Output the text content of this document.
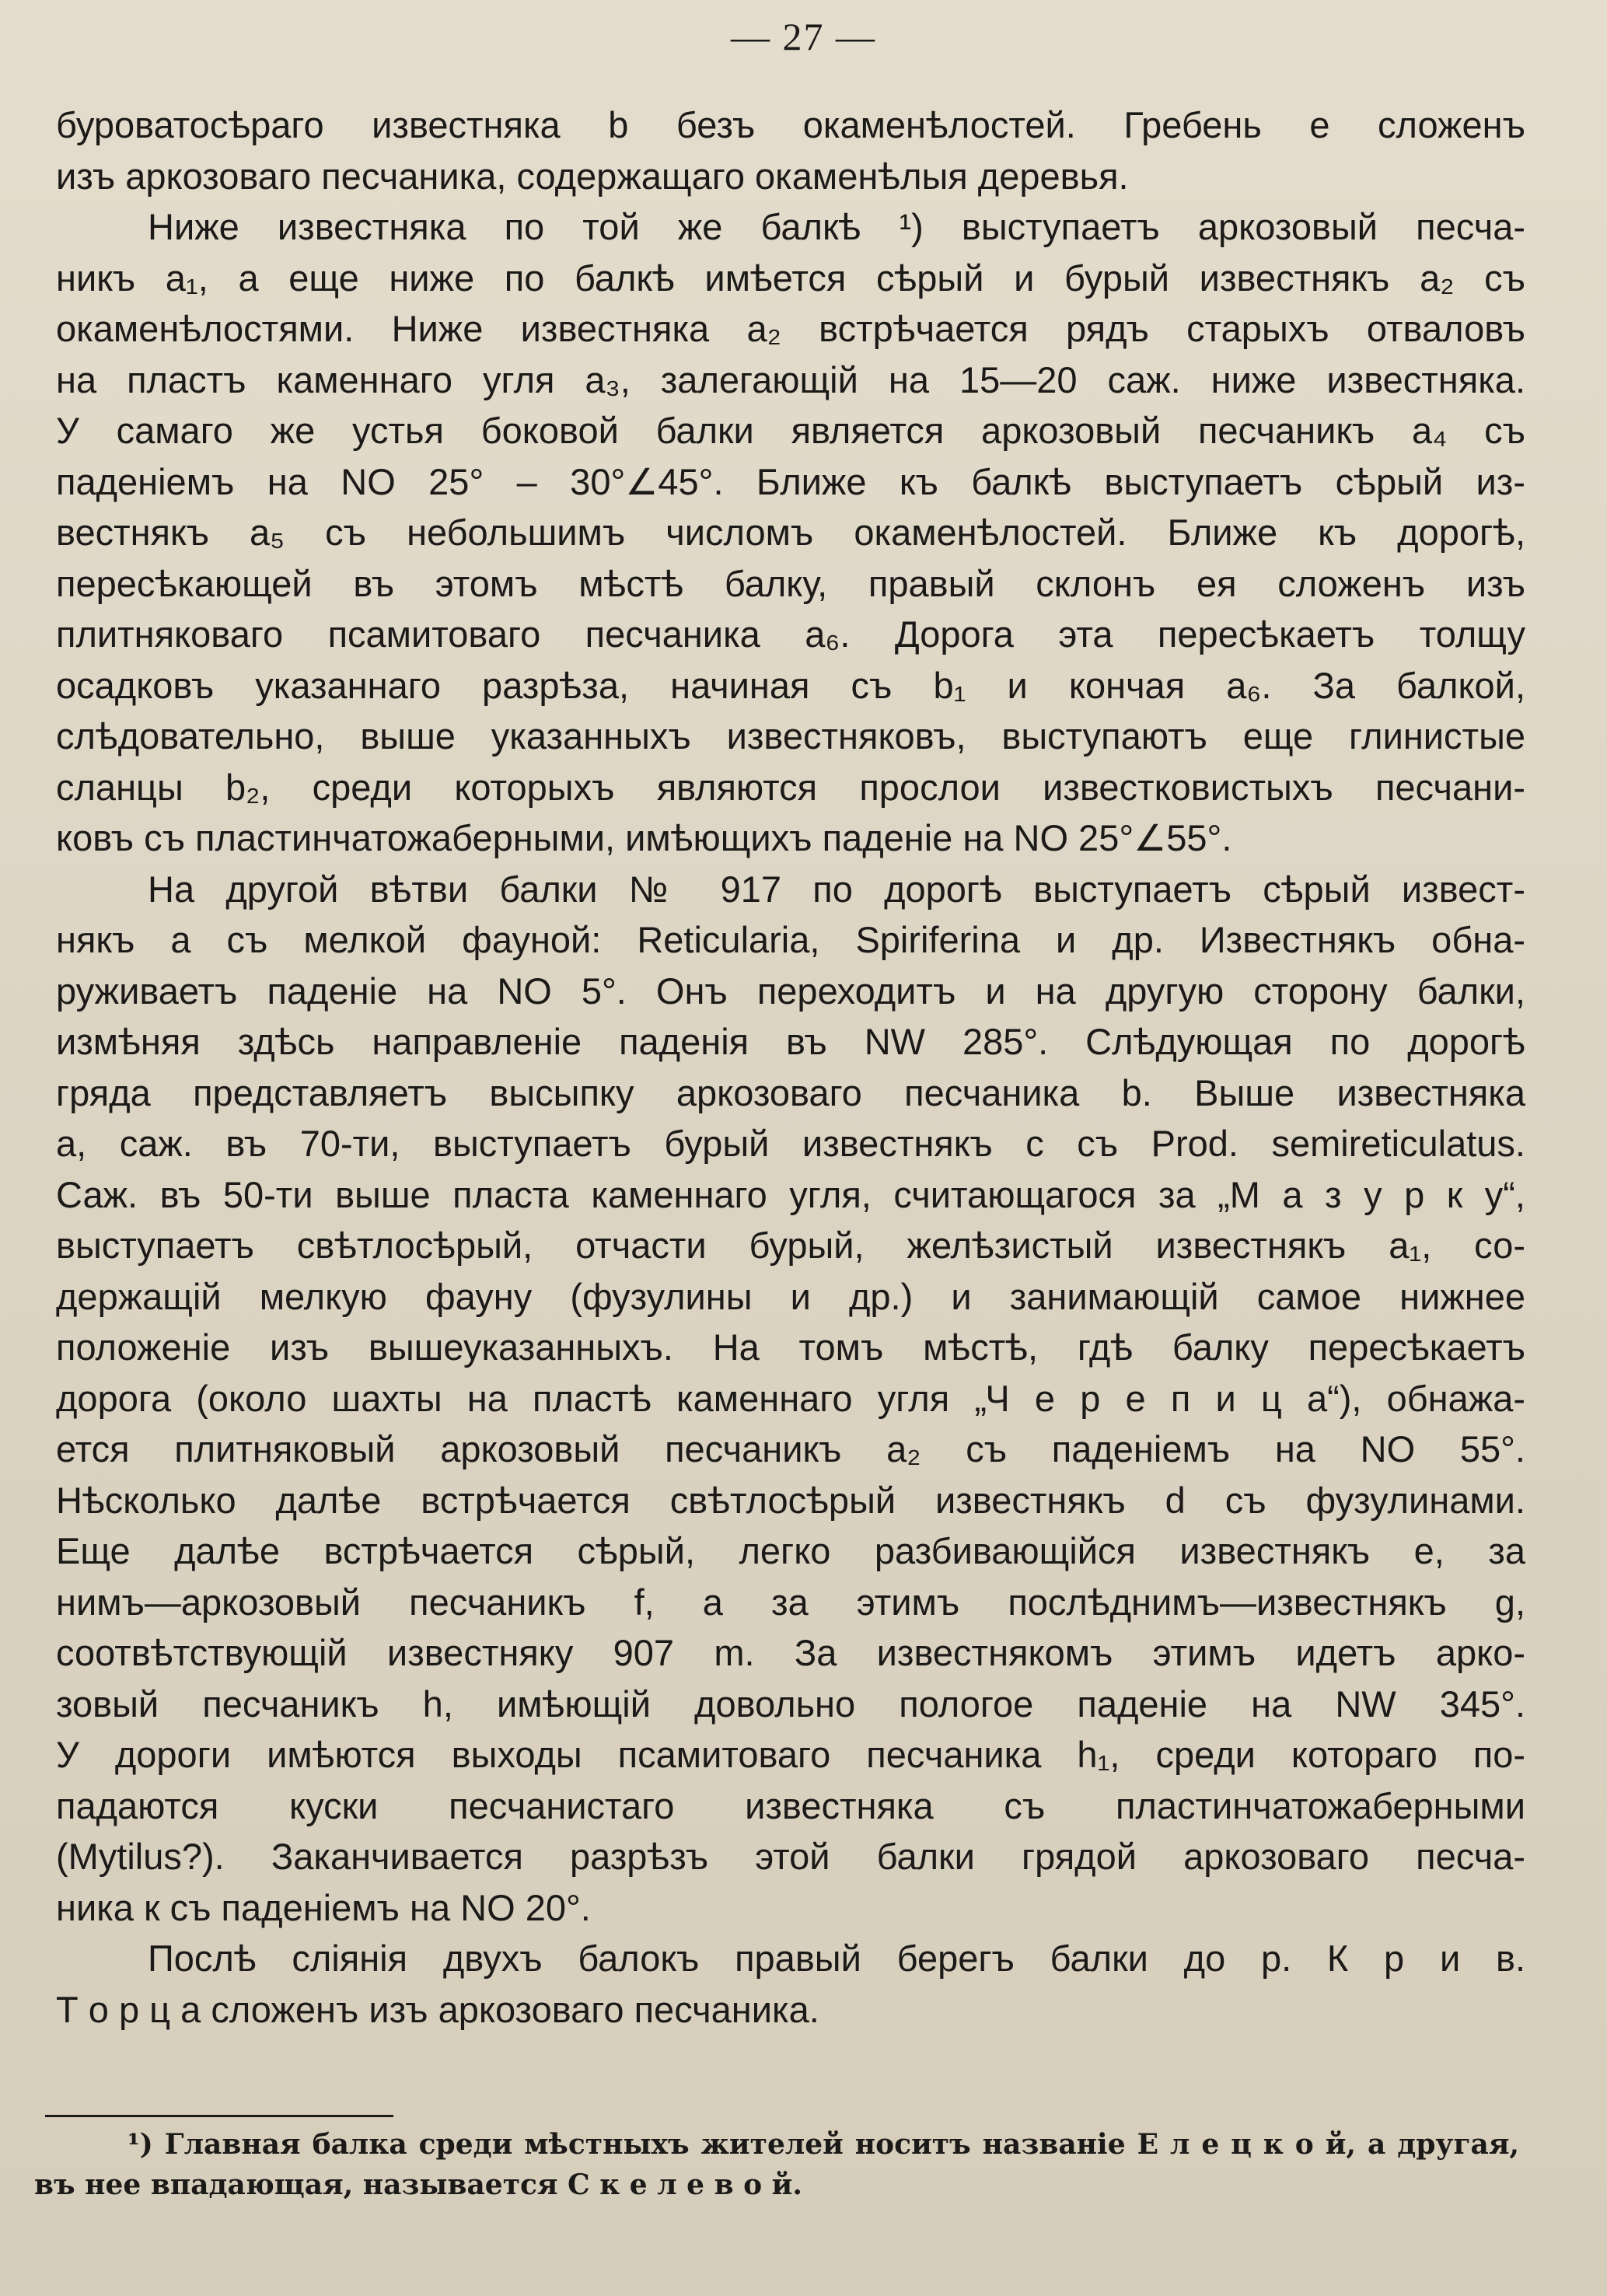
— 27 —
буроватосѣраго известняка b безъ окаменѣлостей. Гребень е сложенъ
изъ аркозоваго песчаника, содержащаго окаменѣлыя деревья.
Ниже известняка по той же балкѣ ¹) выступаетъ аркозовый песча-
никъ a₁, а еще ниже по балкѣ имѣется сѣрый и бурый известнякъ a₂ съ
окаменѣлостями. Ниже известняка a₂ встрѣчается рядъ старыхъ отваловъ
на пластъ каменнаго угля a₃, залегающій на 15—20 саж. ниже известняка.
У самаго же устья боковой балки является аркозовый песчаникъ a₄ съ
паденіемъ на NO 25° – 30°∠45°. Ближе къ балкѣ выступаетъ сѣрый из-
вестнякъ a₅ съ небольшимъ числомъ окаменѣлостей. Ближе къ дорогѣ,
пересѣкающей въ этомъ мѣстѣ балку, правый склонъ ея сложенъ изъ
плитняковаго псамитоваго песчаника a₆. Дорога эта пересѣкаетъ толщу
осадковъ указаннаго разрѣза, начиная съ b₁ и кончая a₆. За балкой,
слѣдовательно, выше указанныхъ известняковъ, выступаютъ еще глинистые
сланцы b₂, среди которыхъ являются прослои известковистыхъ песчани-
ковъ съ пластинчатожаберными, имѣющихъ паденіе на NO 25°∠55°.
На другой вѣтви балки № 917 по дорогѣ выступаетъ сѣрый извест-
някъ а съ мелкой фауной: Reticularia, Spiriferina и др. Известнякъ обна-
руживаетъ паденіе на NO 5°. Онъ переходитъ и на другую сторону балки,
измѣняя здѣсь направленіе паденія въ NW 285°. Слѣдующая по дорогѣ
гряда представляетъ высыпку аркозоваго песчаника b. Выше известняка
а, саж. въ 70-ти, выступаетъ бурый известнякъ с съ Prod. semireticulatus.
Саж. въ 50-ти выше пласта каменнаго угля, считающагося за „М а з у р к у“,
выступаетъ свѣтлосѣрый, отчасти бурый, желѣзистый известнякъ a₁, со-
держащій мелкую фауну (фузулины и др.) и занимающій самое нижнее
положеніе изъ вышеуказанныхъ. На томъ мѣстѣ, гдѣ балку пересѣкаетъ
дорога (около шахты на пластѣ каменнаго угля „Ч е р е п и ц а“), обнажа-
ется плитняковый аркозовый песчаникъ a₂ съ паденіемъ на NO 55°.
Нѣсколько далѣе встрѣчается свѣтлосѣрый известнякъ d съ фузулинами.
Еще далѣе встрѣчается сѣрый, легко разбивающійся известнякъ е, за
нимъ—аркозовый песчаникъ f, а за этимъ послѣднимъ—известнякъ g,
соотвѣтствующій известняку 907 m. За известнякомъ этимъ идетъ арко-
зовый песчаникъ h, имѣющій довольно пологое паденіе на NW 345°.
У дороги имѣются выходы псамитоваго песчаника h₁, среди котораго по-
падаются куски песчанистаго известняка съ пластинчатожаберными
(Mytilus?). Заканчивается разрѣзъ этой балки грядой аркозоваго песча-
ника к съ паденіемъ на NO 20°.
Послѣ сліянія двухъ балокъ правый берегъ балки до р. К р и в.
Т о р ц а сложенъ изъ аркозоваго песчаника.
¹) Главная балка среди мѣстныхъ жителей носитъ названіе Е л е ц к о й, а другая,
въ нее впадающая, называется С к е л е в о й.
